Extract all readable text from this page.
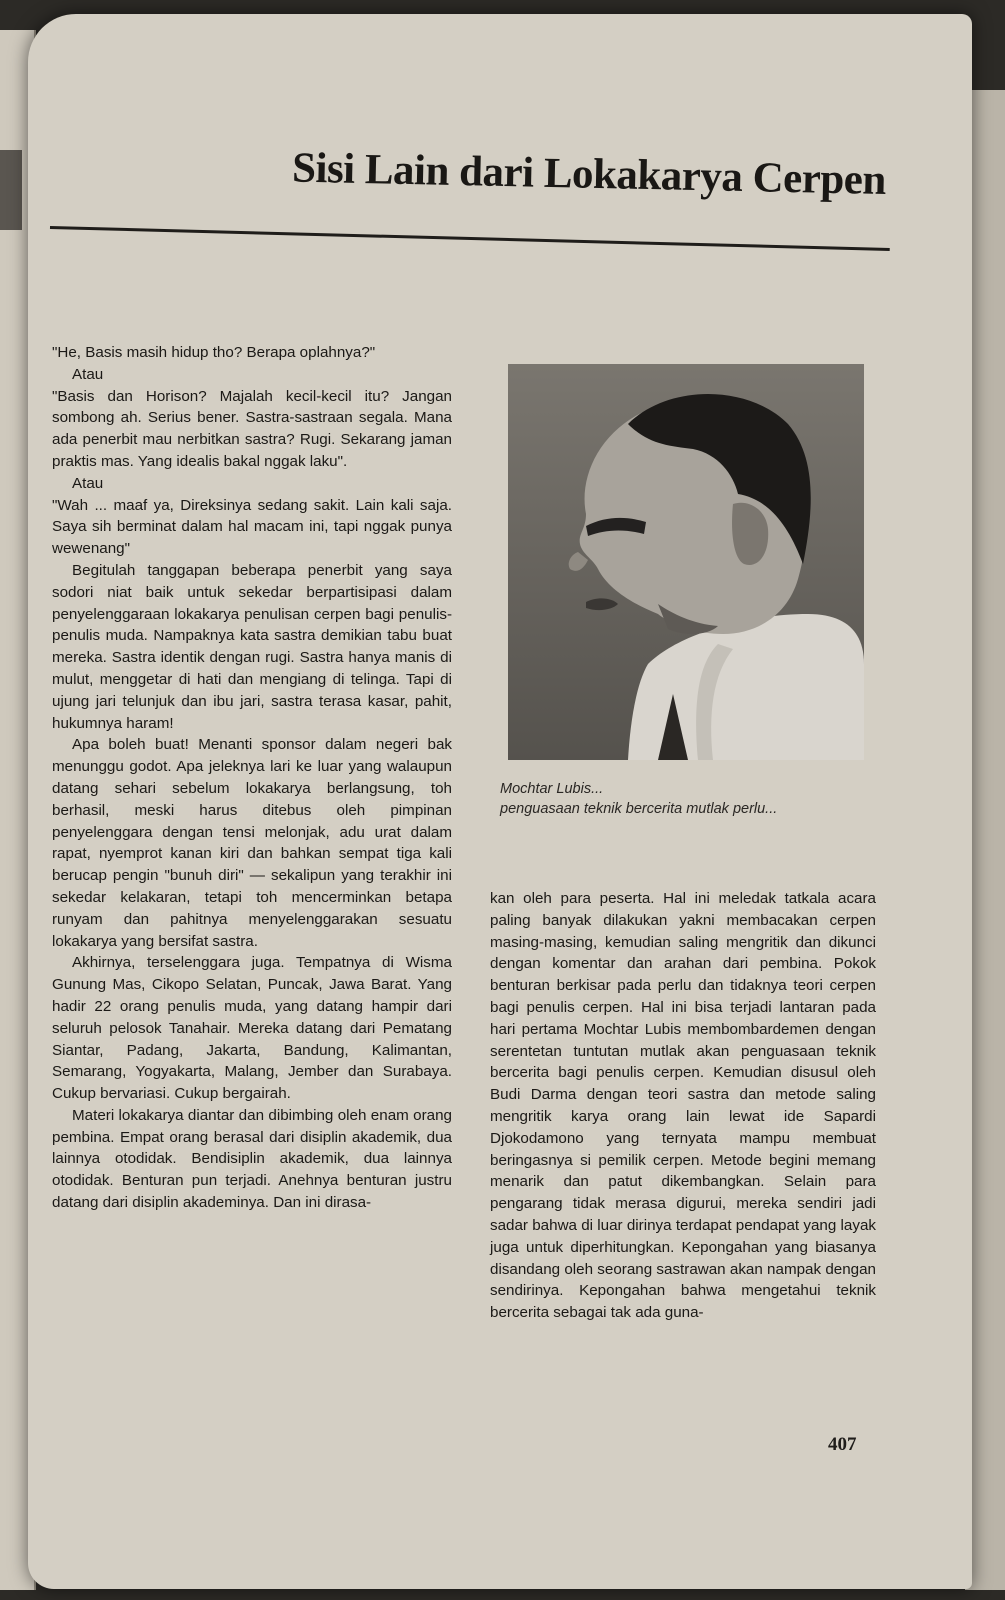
Sisi Lain dari Lokakarya Cerpen

"He, Basis masih hidup tho? Berapa oplahnya?"

Atau

"Basis dan Horison? Majalah kecil-kecil itu? Jangan sombong ah. Serius bener. Sastra-sastraan segala. Mana ada penerbit mau nerbitkan sastra? Rugi. Sekarang jaman praktis mas. Yang idealis bakal nggak laku".

Atau

"Wah ... maaf ya, Direksinya sedang sakit. Lain kali saja. Saya sih berminat dalam hal macam ini, tapi nggak punya wewenang"

Begitulah tanggapan beberapa penerbit yang saya sodori niat baik untuk sekedar berpartisipasi dalam penyelenggaraan lokakarya penulisan cerpen bagi penulis-penulis muda. Nampaknya kata sastra demikian tabu buat mereka. Sastra identik dengan rugi. Sastra hanya manis di mulut, menggetar di hati dan mengiang di telinga. Tapi di ujung jari telunjuk dan ibu jari, sastra terasa kasar, pahit, hukumnya haram!

Apa boleh buat! Menanti sponsor dalam negeri bak menunggu godot. Apa jeleknya lari ke luar yang walaupun datang sehari sebelum lokakarya berlangsung, toh berhasil, meski harus ditebus oleh pimpinan penyelenggara dengan tensi melonjak, adu urat dalam rapat, nyemprot kanan kiri dan bahkan sempat tiga kali berucap pengin "bunuh diri" — sekalipun yang terakhir ini sekedar kelakaran, tetapi toh mencerminkan betapa runyam dan pahitnya menyelenggarakan sesuatu lokakarya yang bersifat sastra.

Akhirnya, terselenggara juga. Tempatnya di Wisma Gunung Mas, Cikopo Selatan, Puncak, Jawa Barat. Yang hadir 22 orang penulis muda, yang datang hampir dari seluruh pelosok Tanahair. Mereka datang dari Pematang Siantar, Padang, Jakarta, Bandung, Kalimantan, Semarang, Yogyakarta, Malang, Jember dan Surabaya. Cukup bervariasi. Cukup bergairah.

Materi lokakarya diantar dan dibimbing oleh enam orang pembina. Empat orang berasal dari disiplin akademik, dua lainnya otodidak. Bendisiplin akademik, dua lainnya otodidak. Benturan pun terjadi. Anehnya benturan justru datang dari disiplin akademinya. Dan ini dirasa-

Mochtar Lubis...
penguasaan teknik bercerita mutlak perlu...

kan oleh para peserta. Hal ini meledak tatkala acara paling banyak dilakukan yakni membacakan cerpen masing-masing, kemudian saling mengritik dan dikunci dengan komentar dan arahan dari pembina. Pokok benturan berkisar pada perlu dan tidaknya teori cerpen bagi penulis cerpen. Hal ini bisa terjadi lantaran pada hari pertama Mochtar Lubis membombardemen dengan serentetan tuntutan mutlak akan penguasaan teknik bercerita bagi penulis cerpen. Kemudian disusul oleh Budi Darma dengan teori sastra dan metode saling mengritik karya orang lain lewat ide Sapardi Djokodamono yang ternyata mampu membuat beringasnya si pemilik cerpen. Metode begini memang menarik dan patut dikembangkan. Selain para pengarang tidak merasa digurui, mereka sendiri jadi sadar bahwa di luar dirinya terdapat pendapat yang layak juga untuk diperhitungkan. Kepongahan yang biasanya disandang oleh seorang sastrawan akan nampak dengan sendirinya. Kepongahan bahwa mengetahui teknik bercerita sebagai tak ada guna-

407
